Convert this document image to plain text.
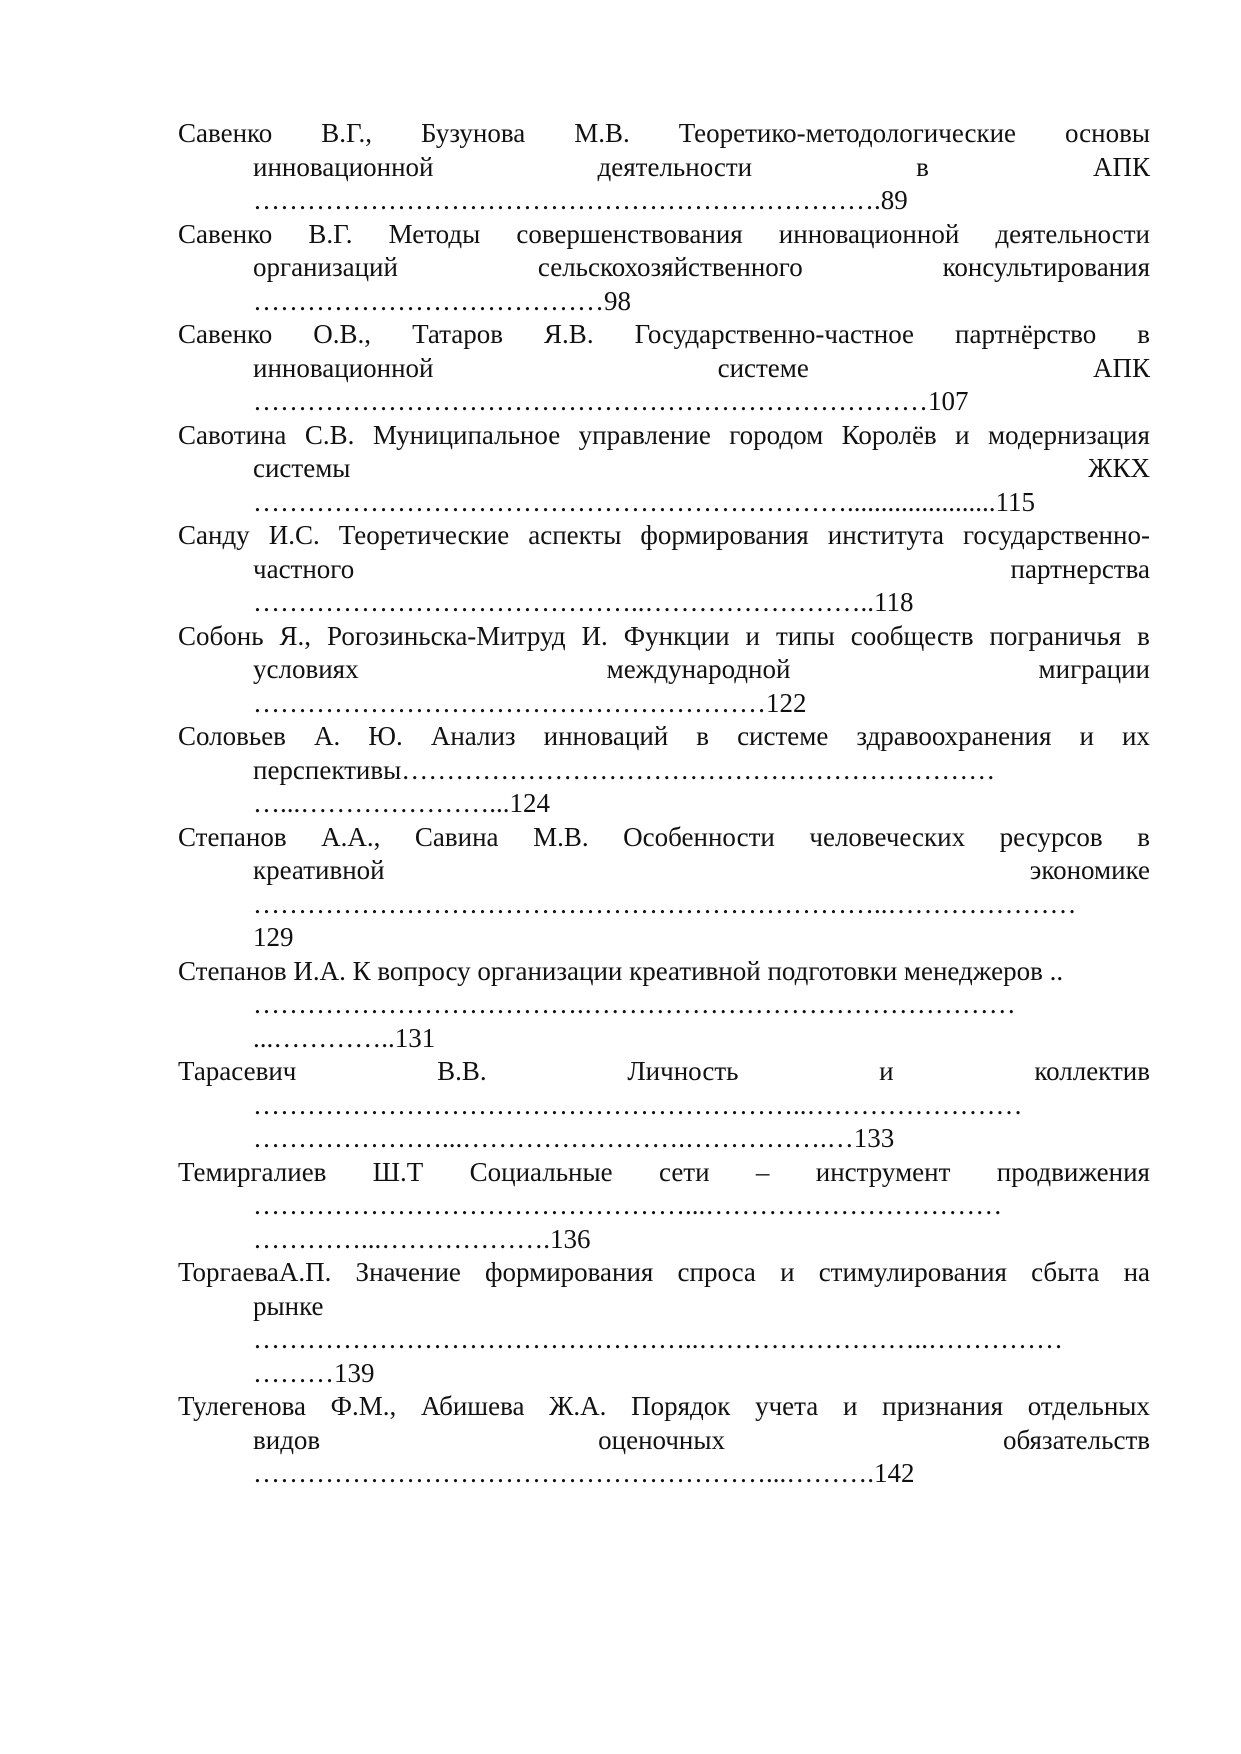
Савенко В.Г., Бузунова М.В. Теоретико-методологические основы
инновационной	деятельности	в	АПК
…………………………………………………………….89
Савенко В.Г. Методы совершенствования инновационной деятельности
организаций	сельскохозяйственного	консультирования
…………………………………98
Савенко О.В., Татаров Я.В. Государственно-частное партнёрство в
инновационной	системе	АПК
…………………………………………………………………107
Савотина С.В. Муниципальное управление городом Королёв и модернизация
системы	ЖКХ
…………………………………………………………......................115
Санду И.С. Теоретические аспекты формирования института государственно-
частного	партнерства
……………………………………..……………………..118
Собонь Я., Рогозиньска-Митруд И. Функции и типы сообществ пограничья в
условиях	международной	миграции
…………………………………………………122
Соловьев А. Ю. Анализ инноваций в системе здравоохранения и их
перспективы…………………………………………………………
…...…………………...124
Степанов А.А., Савина М.В. Особенности человеческих ресурсов в
креативной	экономике
……………………………………………………………..…………………
129
Степанов И.А. К вопросу организации креативной подготовки менеджеров ..
……………………………….…………………………………………
...…………..131
Тарасевич	В.В.	Личность	и	коллектив
……………………………………………………..……………………
…………………...…………………….…………….…133
Темиргалиев Ш.Т Социальные сети – инструмент продвижения
…………………………………………...……………………………
…………...……………….136
ТоргаеваА.П. Значение формирования спроса и стимулирования сбыта на
рынке
…………………………………………..……………………..……………
………139
Тулегенова Ф.М., Абишева Ж.А. Порядок учета и признания отдельных
видов	оценочных	обязательств
…………………………………………………...……….142
